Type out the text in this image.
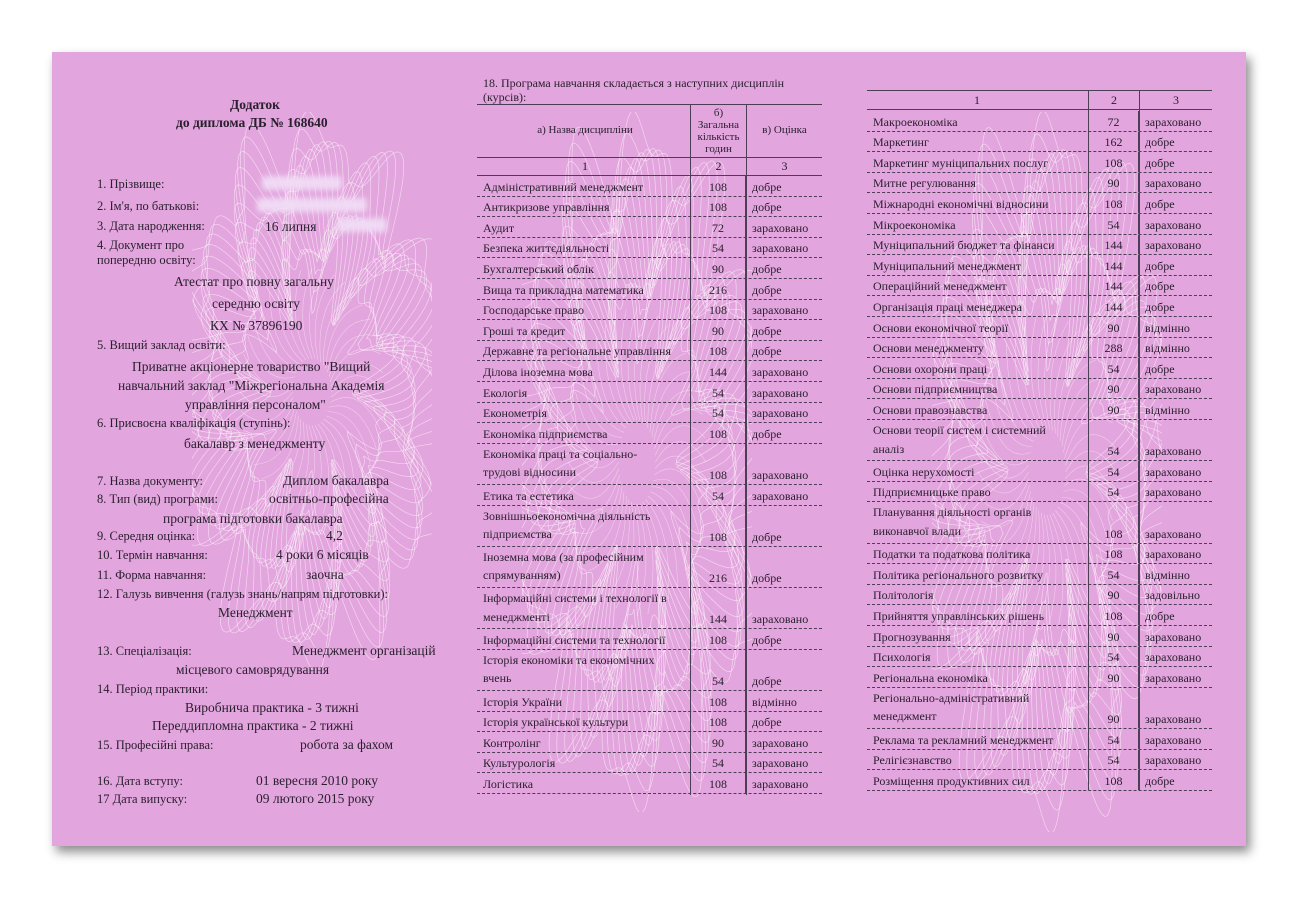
Додаток
до диплома ДБ № 168640
1. Прізвище:
2. Ім'я, по батькові:
3. Дата народження:	16 липня
4. Документ про
попередню освіту:
Атестат про повну загальну
середню освіту
КХ № 37896190
5. Вищий заклад освіти:
Приватне акціонерне товариство "Вищий
навчальний заклад "Міжрегіональна Академія
управління персоналом"
6. Присвоєна кваліфікація (ступінь):
бакалавр з менеджменту
7. Назва документу:	Диплом бакалавра
8. Тип (вид) програми:	освітньо-професійна
програма підготовки бакалавра
9. Середня оцінка:	4,2
10. Термін навчання:	4 роки 6 місяців
11. Форма навчання:	заочна
12. Галузь вивчення (галузь знань/напрям підготовки):
Менеджмент
13. Спеціалізація:	Менеджмент організацій
місцевого самоврядування
14. Період практики:
Виробнича практика - 3 тижні
Переддипломна практика - 2 тижні
15. Професійні права:	робота за фахом
16. Дата вступу:	01 вересня 2010 року
17 Дата випуску:	09 лютого 2015 року
18. Програма навчання складається з наступних дисциплін
(курсів):
а) Назва дисципліни
б)
Загальна
кількість
годин
в) Оцінка
1	2	3
Адміністративний менеджмент	108	добре
Антикризове управління	108	добре
Аудит	72	зараховано
Безпека життєдіяльності	54	зараховано
Бухгалтерський облік	90	добре
Вища та прикладна математика	216	добре
Господарське право	108	зараховано
Гроші та кредит	90	добре
Державне та регіональне управління	108	добре
Ділова іноземна мова	144	зараховано
Екологія	54	зараховано
Економетрія	54	зараховано
Економіка підприємства	108	добре
Економіка праці та соціально-
трудові відносини	108	зараховано
Етика та естетика	54	зараховано
Зовнішньоекономічна діяльність
підприємства	108	добре
Іноземна мова (за професійним
спрямуванням)	216	добре
Інформаційні системи і технології в
менеджменті	144	зараховано
Інформаційні системи та технології	108	добре
Історія економіки та економічних
вчень	54	добре
Історія України	108	відмінно
Історія української культури	108	добре
Контролінг	90	зараховано
Культурологія	54	зараховано
Логістика	108	зараховано
1	2	3
Макроекономіка	72	зараховано
Маркетинг	162	добре
Маркетинг муніципальних послуг	108	добре
Митне регулювання	90	зараховано
Міжнародні економічні відносини	108	добре
Мікроекономіка	54	зараховано
Муніципальний бюджет та фінанси	144	зараховано
Муніципальний менеджмент	144	добре
Операційний менеджмент	144	добре
Організація праці менеджера	144	добре
Основи економічної теорії	90	відмінно
Основи менеджменту	288	відмінно
Основи охорони праці	54	добре
Основи підприємництва	90	зараховано
Основи правознавства	90	відмінно
Основи теорії систем і системний
аналіз	54	зараховано
Оцінка нерухомості	54	зараховано
Підприємницьке право	54	зараховано
Планування діяльності органів
виконавчої влади	108	зараховано
Податки та податкова політика	108	зараховано
Політика регіонального розвитку	54	відмінно
Політологія	90	задовільно
Прийняття управлінських рішень	108	добре
Прогнозування	90	зараховано
Психологія	54	зараховано
Регіональна економіка	90	зараховано
Регіонально-адміністративний
менеджмент	90	зараховано
Реклама та рекламний менеджмент	54	зараховано
Релігієзнавство	54	зараховано
Розміщення продуктивних сил	108	добре
